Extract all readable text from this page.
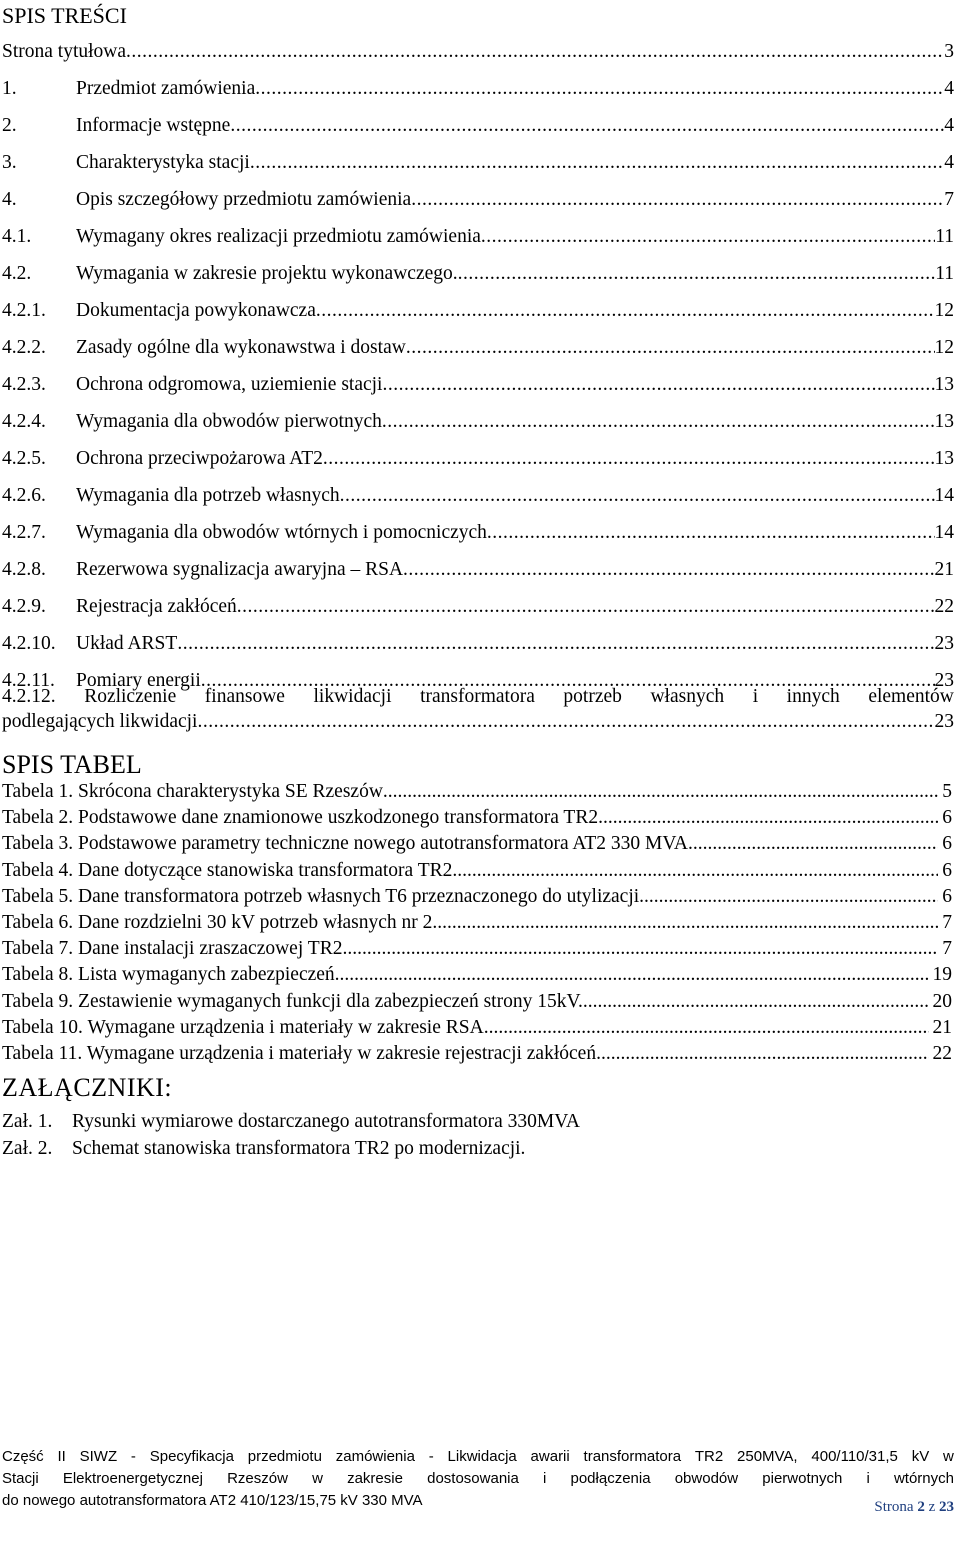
SPIS TREŚCI
Strona tytułowa .....	3
1.	Przedmiot zamówienia .....	4
2.	Informacje wstępne .....	4
3.	Charakterystyka stacji .....	4
4.	Opis szczegółowy przedmiotu zamówienia .....	7
4.1.	Wymagany okres realizacji przedmiotu zamówienia .....	11
4.2.	Wymagania w zakresie projektu wykonawczego. .....	11
4.2.1.	Dokumentacja powykonawcza .....	12
4.2.2.	Zasady ogólne dla wykonawstwa i dostaw .....	12
4.2.3.	Ochrona odgromowa, uziemienie stacji .....	13
4.2.4.	Wymagania dla obwodów pierwotnych .....	13
4.2.5.	Ochrona przeciwpożarowa AT2 .....	13
4.2.6.	Wymagania dla potrzeb własnych .....	14
4.2.7.	Wymagania dla obwodów wtórnych i pomocniczych .....	14
4.2.8.	Rezerwowa sygnalizacja awaryjna – RSA .....	21
4.2.9.	Rejestracja zakłóceń .....	22
4.2.10.	Układ ARST .....	23
4.2.11.	Pomiary energii .....	23
4.2.12. Rozliczenie finansowe likwidacji transformatora potrzeb własnych i innych elementów
podlegających likwidacji .....	23
SPIS TABEL
Tabela 1. Skrócona charakterystyka SE Rzeszów .....	5
Tabela 2. Podstawowe dane znamionowe uszkodzonego transformatora TR2 .....	6
Tabela 3. Podstawowe parametry techniczne nowego autotransformatora AT2 330 MVA .....	6
Tabela 4. Dane dotyczące stanowiska transformatora TR2 .....	6
Tabela 5. Dane transformatora potrzeb własnych T6 przeznaczonego do utylizacji .....	6
Tabela 6. Dane rozdzielni 30 kV potrzeb własnych nr 2 .....	7
Tabela 7. Dane instalacji zraszaczowej TR2 .....	7
Tabela 8. Lista wymaganych zabezpieczeń. .....	19
Tabela 9. Zestawienie wymaganych funkcji dla zabezpieczeń strony 15kV. .....	20
Tabela 10. Wymagane urządzenia i materiały w zakresie RSA .....	21
Tabela 11. Wymagane urządzenia i materiały w zakresie rejestracji zakłóceń .....	22
ZAŁĄCZNIKI:
Zał. 1.	Rysunki wymiarowe dostarczanego autotransformatora 330MVA
Zał. 2.	Schemat stanowiska transformatora TR2 po modernizacji.
Część II SIWZ - Specyfikacja przedmiotu zamówienia - Likwidacja awarii transformatora TR2 250MVA, 400/110/31,5 kV w
Stacji Elektroenergetycznej Rzeszów w zakresie dostosowania i podłączenia obwodów pierwotnych i wtórnych
do nowego autotransformatora AT2 410/123/15,75 kV 330 MVA	Strona 2 z 23
